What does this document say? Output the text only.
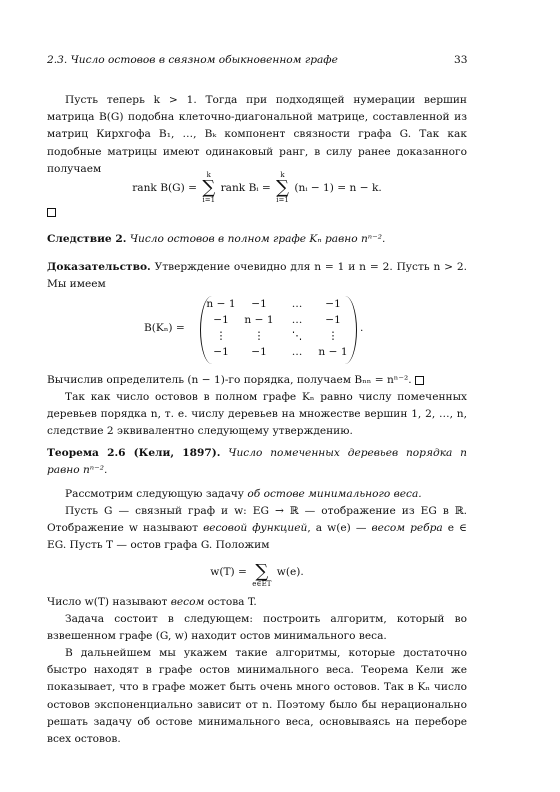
2.3. Число остовов в связном обыкновенном графе	33

Пусть теперь k > 1. Тогда при подходящей нумерации вершин матрица B(G) подобна клеточно-диагональной матрице, составленной из матриц Кирхгофа B₁, …, Bₖ компонент связности графа G. Так как подобные матрицы имеют одинаковый ранг, в силу ранее доказанного получаем

rank B(G) =
k
∑
i=1
rank Bᵢ =
k
∑
i=1
(nᵢ − 1) = n − k.

Следствие 2. Число остовов в полном графе Kₙ равно nⁿ⁻².

Доказательство. Утверждение очевидно для n = 1 и n = 2. Пусть n > 2. Мы имеем

B(Kₙ) =
n − 1	−1	…	−1
−1	n − 1	…	−1
⋮	⋮	⋱	⋮
−1	−1	…	n − 1
.

Вычислив определитель (n − 1)-го порядка, получаем Bₙₙ = nⁿ⁻².

Так как число остовов в полном графе Kₙ равно числу помеченных деревьев порядка n, т. е. числу деревьев на множестве вершин 1, 2, …, n, следствие 2 эквивалентно следующему утверждению.

Теорема 2.6 (Кели, 1897). Число помеченных деревьев порядка n равно nⁿ⁻².

Рассмотрим следующую задачу об остове минимального веса.

Пусть G — связный граф и w: EG → ℝ — отображение из EG в ℝ. Отображение w называют весовой функцией, а w(e) — весом ребра e ∈ EG. Пусть T — остов графа G. Положим

w(T) =
∑
e∈ET
w(e).

Число w(T) называют весом остова T.

Задача состоит в следующем: построить алгоритм, который во взвешенном графе (G, w) находит остов минимального веса.

В дальнейшем мы укажем такие алгоритмы, которые достаточно быстро находят в графе остов минимального веса. Теорема Кели же показывает, что в графе может быть очень много остовов. Так в Kₙ число остовов экспоненциально зависит от n. Поэтому было бы нерационально решать задачу об остове минимального веса, основываясь на переборе всех остовов.
